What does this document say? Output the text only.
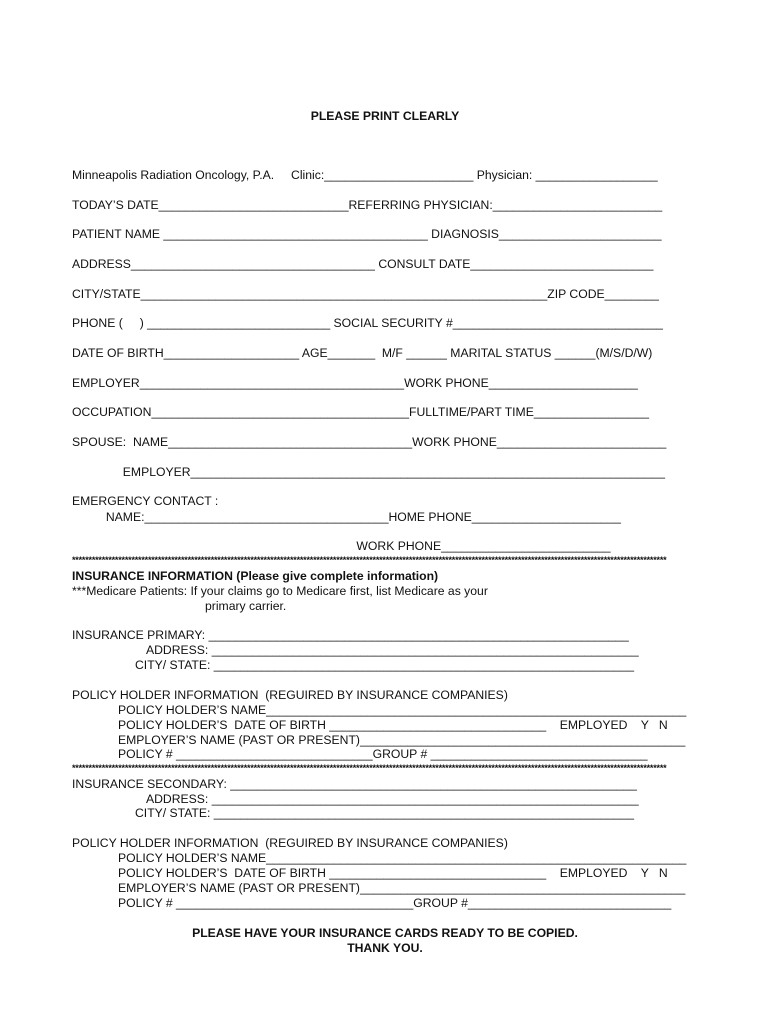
PLEASE PRINT CLEARLY
Minneapolis Radiation Oncology, P.A.     Clinic:______________________ Physician: __________________
TODAY’S DATE____________________________REFERRING PHYSICIAN:_________________________
PATIENT NAME _______________________________________ DIAGNOSIS________________________
ADDRESS____________________________________ CONSULT DATE___________________________
CITY/STATE____________________________________________________________ZIP CODE________
PHONE (     ) ___________________________ SOCIAL SECURITY #_______________________________
DATE OF BIRTH____________________ AGE_______  M/F ______ MARITAL STATUS ______(M/S/D/W)
EMPLOYER_______________________________________WORK PHONE______________________
OCCUPATION______________________________________FULLTIME/PART TIME_________________
SPOUSE:  NAME____________________________________WORK PHONE_________________________
EMPLOYER______________________________________________________________________
EMERGENCY CONTACT :
NAME:____________________________________HOME PHONE______________________
WORK PHONE_________________________
************************************************************************************************************************************************************************************
INSURANCE INFORMATION (Please give complete information)
***Medicare Patients: If your claims go to Medicare first, list Medicare as your
primary carrier.
INSURANCE PRIMARY: ______________________________________________________________
ADDRESS: _______________________________________________________________
CITY/ STATE: ______________________________________________________________
POLICY HOLDER INFORMATION  (REGUIRED BY INSURANCE COMPANIES)
POLICY HOLDER’S NAME______________________________________________________________
POLICY HOLDER’S  DATE OF BIRTH ________________________________    EMPLOYED    Y   N
EMPLOYER’S NAME (PAST OR PRESENT)________________________________________________
POLICY # _____________________________GROUP # ________________________________
************************************************************************************************************************************************************************************
INSURANCE SECONDARY: ____________________________________________________________
ADDRESS: _______________________________________________________________
CITY/ STATE: ______________________________________________________________
POLICY HOLDER INFORMATION  (REGUIRED BY INSURANCE COMPANIES)
POLICY HOLDER’S NAME______________________________________________________________
POLICY HOLDER’S  DATE OF BIRTH ________________________________    EMPLOYED    Y   N
EMPLOYER’S NAME (PAST OR PRESENT)________________________________________________
POLICY # ___________________________________GROUP #______________________________
PLEASE HAVE YOUR INSURANCE CARDS READY TO BE COPIED.
THANK YOU.
